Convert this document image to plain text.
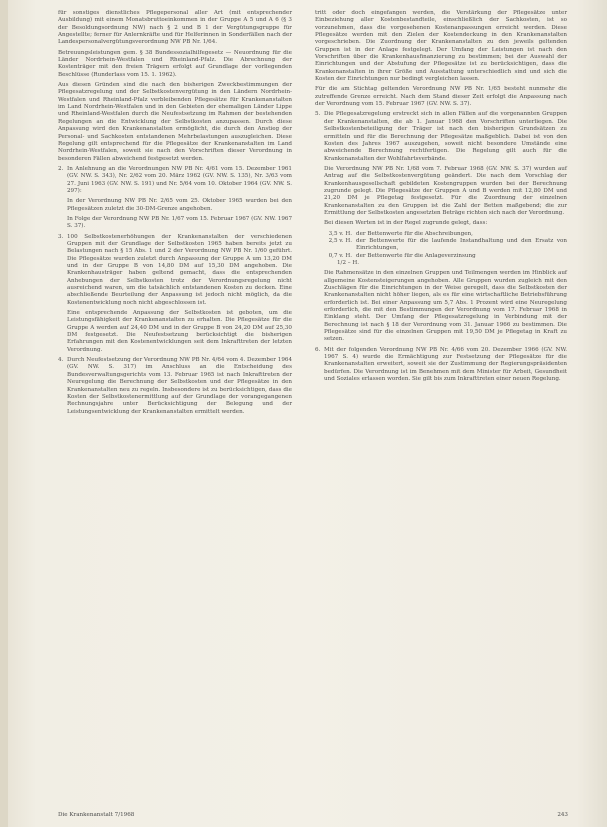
für sonstiges dienstliches Pflegepersonal aller Art (mit entsprechender Ausbildung) mit einem Monatsbruttoeinkommen in der Gruppe A 5 und A 6 (§ 3 der Besoldungsordnung NW) nach § 2 und B 1 der Vergütungsgruppe für Angestellte; ferner für Anlernkräfte und für Helferinnen in Sonderfällen nach der Landespersonalvergütungsverordnung NW PB Nr. 1/64.

Betreuungsleistungen gem. § 38 Bundessozialhilfegesetz — Neuordnung für die Länder Nordrhein-Westfalen und Rheinland-Pfalz. Die Abrechnung der Kostenträger mit den freien Trägern erfolgt auf Grundlage der vorliegenden Beschlüsse (Runderlass vom 15. 1. 1962).

Aus diesen Gründen sind die nach den bisherigen Zweckbestimmungen der Pflegesatzregelung und der Selbstkostenvergütung in den Ländern Nordrhein-Westfalen und Rheinland-Pfalz verbleibenden Pflegesätze für Krankenanstalten im Land Nordrhein-Westfalen und in den Gebieten der ehemaligen Länder Lippe und Rheinland-Westfalen durch die Neufestsetzung im Rahmen der bestehenden Regelungen an die Entwicklung der Selbstkosten anzupassen. Durch diese Anpassung wird den Krankenanstalten ermöglicht, die durch den Anstieg der Personal- und Sachkosten entstandenen Mehrbelastungen auszugleichen. Diese Regelung gilt entsprechend für die Pflegesätze der Krankenanstalten im Land Nordrhein-Westfalen, soweit sie nach den Vorschriften dieser Verordnung in besonderen Fällen abweichend festgesetzt werden.

2. In Anlehnung an die Verordnungen NW PB Nr. 4/61 vom 15. Dezember 1961 (GV. NW. S. 343), Nr. 2/62 vom 20. März 1962 (GV. NW. S. 135), Nr. 3/63 vom 27. Juni 1963 (GV. NW. S. 191) und Nr. 5/64 vom 10. Oktober 1964 (GV. NW. S. 297):

In der Verordnung NW PB Nr. 2/65 vom 25. Oktober 1965 wurden bei den Pflegesätzen zuletzt die 30-DM-Grenze angehoben.

In Folge der Verordnung NW PB Nr. 1/67 vom 15. Februar 1967 (GV. NW. 1967 S. 37).

3. 100 Selbstkostenerhöhungen der Krankenanstalten der verschiedenen Gruppen mit der Grundlage der Selbstkosten 1965 haben bereits jetzt zu Belastungen nach § 15 Abs. 1 und 2 der Verordnung NW PB Nr. 1/60 geführt. Die Pflegesätze wurden zuletzt durch Anpassung der Gruppe A um 13,20 DM und in der Gruppe B von 14,80 DM auf 15,30 DM angehoben. Die Krankenhausträger haben geltend gemacht, dass die entsprechenden Anhebungen der Selbstkosten trotz der Verordnungsregelung nicht ausreichend waren, um die tatsächlich entstandenen Kosten zu decken. Eine abschließende Beurteilung der Anpassung ist jedoch nicht möglich, da die Kostenentwicklung noch nicht abgeschlossen ist.

Eine entsprechende Anpassung der Selbstkosten ist geboten, um die Leistungsfähigkeit der Krankenanstalten zu erhalten. Die Pflegesätze für die Gruppe A werden auf 24,40 DM und in der Gruppe B von 24,20 DM auf 25,30 DM festgesetzt. Die Neufestsetzung berücksichtigt die bisherigen Erfahrungen mit den Kostenentwicklungen seit dem Inkrafttreten der letzten Verordnung.

4. Durch Neufestsetzung der Verordnung NW PB Nr. 4/64 vom 4. Dezember 1964 (GV. NW. S. 317) im Anschluss an die Entscheidung des Bundesverwaltungsgerichts vom 13. Februar 1965 ist nach Inkrafttreten der Neuregelung die Berechnung der Selbstkosten und der Pflegesätze in den Krankenanstalten neu zu regeln. Insbesondere ist zu berücksichtigen, dass die Kosten der Selbstkostenermittlung auf der Grundlage der vorangegangenen Rechnungsjahre unter Berücksichtigung der Belegung und der Leistungsentwicklung der Krankenanstalten ermittelt werden.

tritt oder doch eingefangen werden, die Verstärkung der Pflegesätze unter Einbeziehung aller Kostenbestandteile, einschließlich der Sachkosten, ist so vorzunehmen, dass die vorgesehenen Kostenanpassungen erreicht werden. Diese Pflegesätze werden mit den Zielen der Kostendeckung in den Krankenanstalten vorgeschrieben. Die Zuordnung der Krankenanstalten zu den jeweils geltenden Gruppen ist in der Anlage festgelegt. Der Umfang der Leistungen ist nach den Vorschriften über die Krankenhausfinanzierung zu bestimmen; bei der Auswahl der Einrichtungen und der Abstufung der Pflegesätze ist zu berücksichtigen, dass die Krankenanstalten in ihrer Größe und Ausstattung unterschiedlich sind und sich die Kosten der Einrichtungen nur bedingt vergleichen lassen.

Für die am Stichtag geltenden Verordnung NW PB Nr. 1/65 besteht nunmehr die zutreffende Grenze erreicht. Nach dem Stand dieser Zeit erfolgt die Anpassung nach der Verordnung vom 15. Februar 1967 (GV. NW. S. 37).

5. Die Pflegesatzregelung erstreckt sich in allen Fällen auf die vorgenannten Gruppen der Krankenanstalten, die ab 1. Januar 1968 den Vorschriften unterliegen. Die Selbstkostenbeteiligung der Träger ist nach den bisherigen Grundsätzen zu ermitteln und für die Berechnung der Pflegesätze maßgeblich. Dabei ist von den Kosten des Jahres 1967 auszugehen, soweit nicht besondere Umstände eine abweichende Berechnung rechtfertigen. Die Regelung gilt auch für die Krankenanstalten der Wohlfahrtsverbände.

Die Verordnung NW PB Nr. 1/68 vom 7. Februar 1968 (GV. NW. S. 37) wurden auf Antrag auf die Selbstkostenvergütung geändert. Die nach dem Vorschlag der Krankenhausgesellschaft gebildeten Kostengruppen wurden bei der Berechnung zugrunde gelegt. Die Pflegesätze der Gruppen A und B werden mit 12,80 DM und 21,20 DM je Pflegetag festgesetzt. Für die Zuordnung der einzelnen Krankenanstalten zu den Gruppen ist die Zahl der Betten maßgebend; die zur Ermittlung der Selbstkosten angesetzten Beträge richten sich nach der Verordnung.

Bei diesen Werten ist in der Regel zugrunde gelegt, dass:

3,5 v. H. der Bettenwerte für die Abschreibungen,
2,5 v. H. der Bettenwerte für die laufende Instandhaltung und den Ersatz von Einrichtungen,
0,7 v. H. der Bettenwerte für die Anlageverzinsung

1/2 – H.

Die Rahmensätze in den einzelnen Gruppen und Teilmengen werden im Hinblick auf allgemeine Kostensteigerungen angehoben. Alle Gruppen wurden zugleich mit den Zuschlägen für die Einrichtungen in der Weise geregelt, dass die Selbstkosten der Krankenanstalten nicht höher liegen, als es für eine wirtschaftliche Betriebsführung erforderlich ist. Bei einer Anpassung um 5,7 Abs. 1 Prozent wird eine Neuregelung erforderlich, die mit den Bestimmungen der Verordnung vom 17. Februar 1968 in Einklang steht. Der Umfang der Pflegesatzregelung in Verbindung mit der Berechnung ist nach § 18 der Verordnung vom 31. Januar 1966 zu bestimmen. Die Pflegesätze sind für die einzelnen Gruppen mit 19,50 DM je Pflegetag in Kraft zu setzen.

6. Mit der folgenden Verordnung NW PB Nr. 4/66 vom 20. Dezember 1966 (GV. NW. 1967 S. 4) wurde die Ermächtigung zur Festsetzung der Pflegesätze für die Krankenanstalten erweitert, soweit sie der Zustimmung der Regierungspräsidenten bedürfen. Die Verordnung ist im Benehmen mit dem Minister für Arbeit, Gesundheit und Soziales erlassen worden. Sie gilt bis zum Inkrafttreten einer neuen Regelung.
Die Krankenanstalt 7/1968	243
